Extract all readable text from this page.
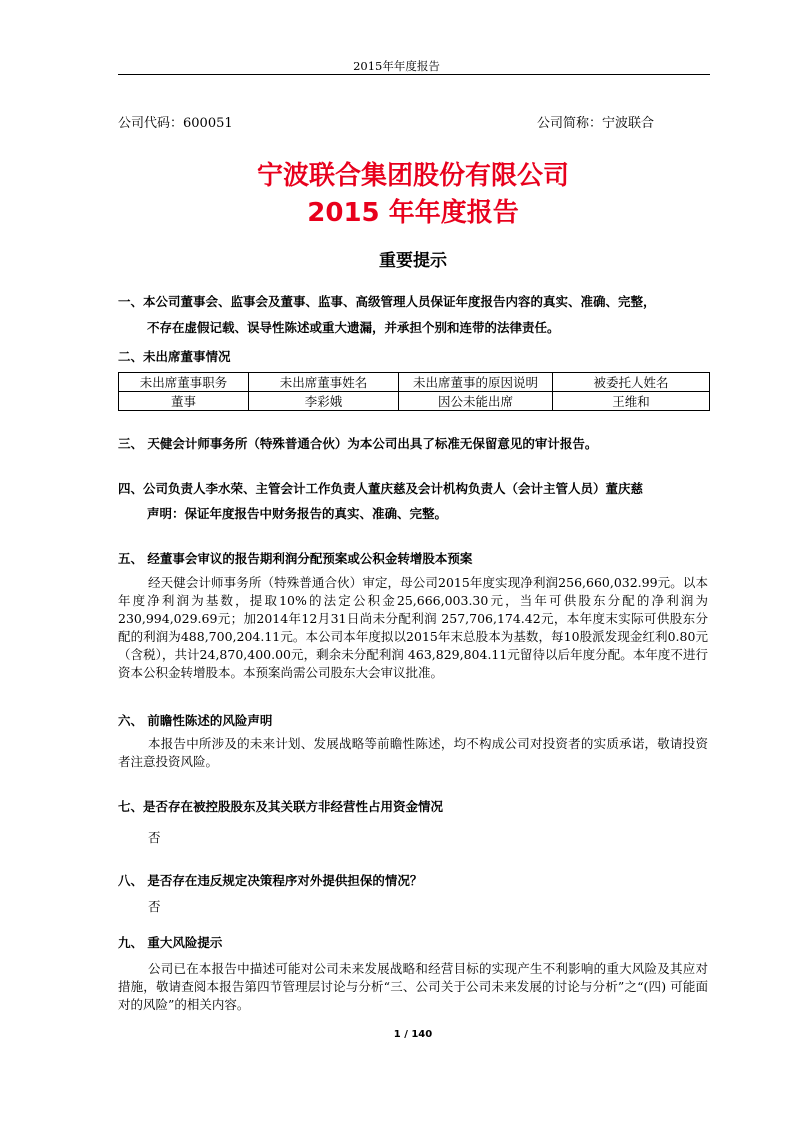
2015年年度报告
公司代码：600051	公司简称：宁波联合
宁波联合集团股份有限公司
2015 年年度报告
重要提示
一、本公司董事会、监事会及董事、监事、高级管理人员保证年度报告内容的真实、准确、完整，
不存在虚假记载、误导性陈述或重大遗漏，并承担个别和连带的法律责任。
二、未出席董事情况
未出席董事职务	未出席董事姓名	未出席董事的原因说明	被委托人姓名
董事	李彩娥	因公未能出席	王维和
三、 天健会计师事务所（特殊普通合伙）为本公司出具了标准无保留意见的审计报告。
四、公司负责人李水荣、主管会计工作负责人董庆慈及会计机构负责人（会计主管人员）董庆慈
声明：保证年度报告中财务报告的真实、准确、完整。
五、 经董事会审议的报告期利润分配预案或公积金转增股本预案
经天健会计师事务所（特殊普通合伙）审定，母公司2015年度实现净利润256,660,032.99元。以本年度净利润为基数，提取10%的法定公积金25,666,003.30元，当年可供股东分配的净利润为230,994,029.69元；加2014年12月31日尚未分配利润 257,706,174.42元，本年度末实际可供股东分配的利润为488,700,204.11元。本公司本年度拟以2015年末总股本为基数，每10股派发现金红利0.80元（含税），共计24,870,400.00元，剩余未分配利润 463,829,804.11元留待以后年度分配。本年度不进行资本公积金转增股本。本预案尚需公司股东大会审议批准。
六、 前瞻性陈述的风险声明
本报告中所涉及的未来计划、发展战略等前瞻性陈述，均不构成公司对投资者的实质承诺，敬请投资者注意投资风险。
七、是否存在被控股股东及其关联方非经营性占用资金情况
否
八、 是否存在违反规定决策程序对外提供担保的情况？
否
九、 重大风险提示
公司已在本报告中描述可能对公司未来发展战略和经营目标的实现产生不利影响的重大风险及其应对措施，敬请查阅本报告第四节管理层讨论与分析“三、公司关于公司未来发展的讨论与分析”之“(四) 可能面对的风险”的相关内容。
1 / 140
